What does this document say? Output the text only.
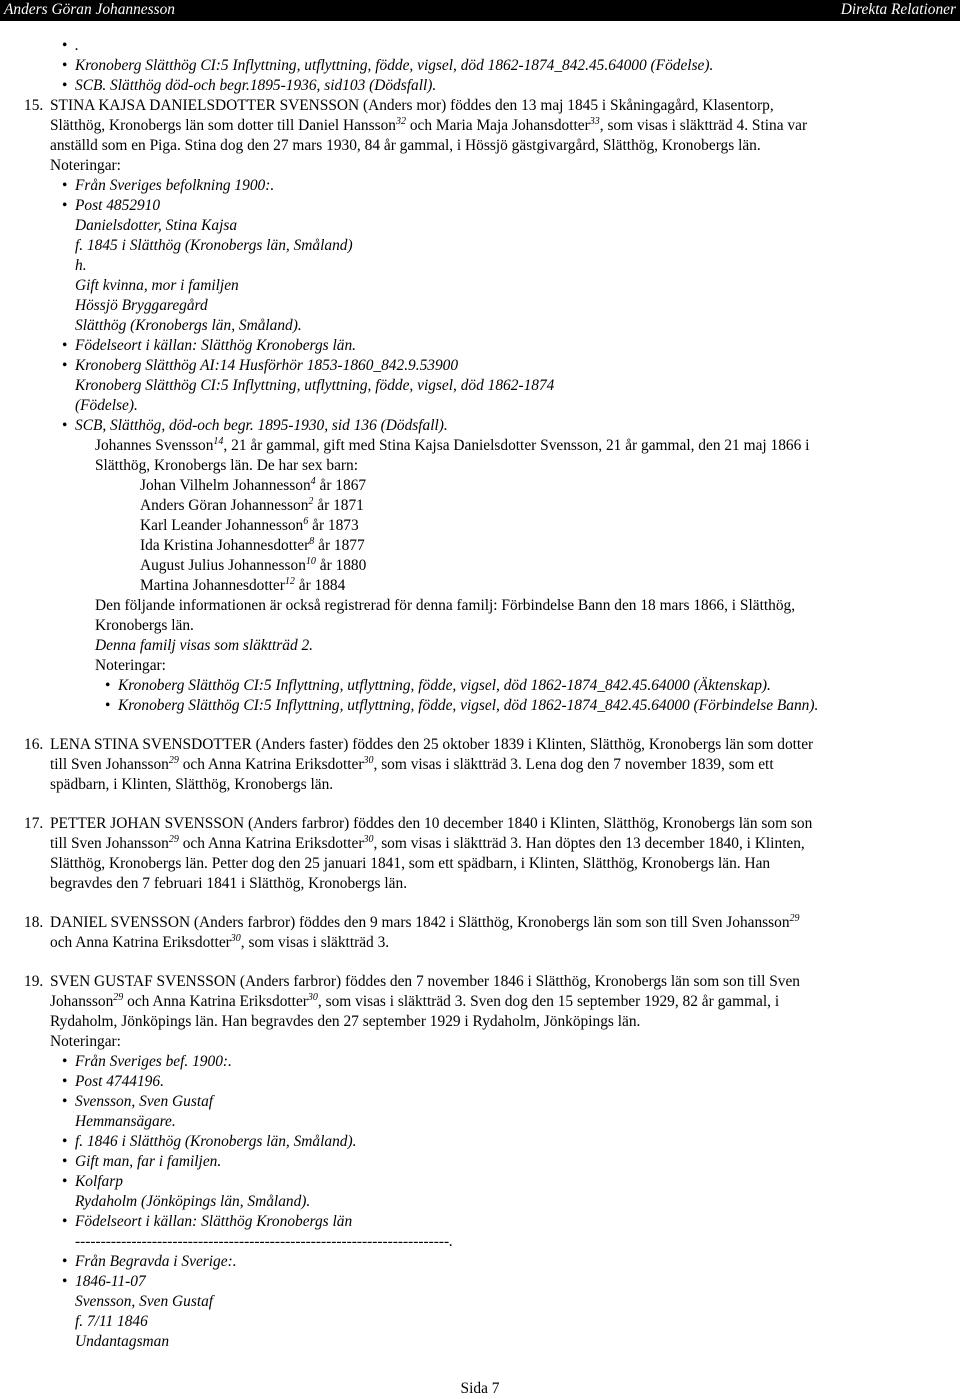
Anders Göran Johannesson	Direkta Relationer
• .
• Kronoberg Slätthög CI:5 Inflyttning, utflyttning, födde, vigsel, död 1862-1874_842.45.64000 (Födelse).
• SCB. Slätthög död-och begr.1895-1936, sid103 (Dödsfall).
15. STINA KAJSA DANIELSDOTTER SVENSSON (Anders mor) föddes den 13 maj 1845 i Skåningagård, Klasentorp,
Slätthög, Kronobergs län som dotter till Daniel Hansson$^{32}$ och Maria Maja Johansdotter$^{33}$, som visas i släktträd 4. Stina var
anställd som en Piga. Stina dog den 27 mars 1930, 84 år gammal, i Hössjö gästgivargård, Slätthög, Kronobergs län.
Noteringar:
• Från Sveriges befolkning 1900:.
• Post 4852910
Danielsdotter, Stina Kajsa
f. 1845 i Slätthög (Kronobergs län, Småland)
h.
Gift kvinna, mor i familjen
Hössjö Bryggaregård
Slätthög (Kronobergs län, Småland).
• Födelseort i källan: Slätthög Kronobergs län.
• Kronoberg Slätthög AI:14 Husförhör 1853-1860_842.9.53900
Kronoberg Slätthög CI:5 Inflyttning, utflyttning, födde, vigsel, död 1862-1874
(Födelse).
• SCB, Slätthög, död-och begr. 1895-1930, sid 136 (Dödsfall).
Johannes Svensson$^{14}$, 21 år gammal, gift med Stina Kajsa Danielsdotter Svensson, 21 år gammal, den 21 maj 1866 i
Slätthög, Kronobergs län. De har sex barn:
Johan Vilhelm Johannesson$^4$ år 1867
Anders Göran Johannesson$^2$ år 1871
Karl Leander Johannesson$^6$ år 1873
Ida Kristina Johannesdotter$^8$ år 1877
August Julius Johannesson$^{10}$ år 1880
Martina Johannesdotter$^{12}$ år 1884
Den följande informationen är också registrerad för denna familj: Förbindelse Bann den 18 mars 1866, i Slätthög,
Kronobergs län.
Denna familj visas som släktträd 2.
Noteringar:
• Kronoberg Slätthög CI:5 Inflyttning, utflyttning, födde, vigsel, död 1862-1874_842.45.64000 (Äktenskap).
• Kronoberg Slätthög CI:5 Inflyttning, utflyttning, födde, vigsel, död 1862-1874_842.45.64000 (Förbindelse Bann).
16. LENA STINA SVENSDOTTER (Anders faster) föddes den 25 oktober 1839 i Klinten, Slätthög, Kronobergs län som dotter
till Sven Johansson$^{29}$ och Anna Katrina Eriksdotter$^{30}$, som visas i släktträd 3. Lena dog den 7 november 1839, som ett
spädbarn, i Klinten, Slätthög, Kronobergs län.
17. PETTER JOHAN SVENSSON (Anders farbror) föddes den 10 december 1840 i Klinten, Slätthög, Kronobergs län som son
till Sven Johansson$^{29}$ och Anna Katrina Eriksdotter$^{30}$, som visas i släktträd 3. Han döptes den 13 december 1840, i Klinten,
Slätthög, Kronobergs län. Petter dog den 25 januari 1841, som ett spädbarn, i Klinten, Slätthög, Kronobergs län. Han
begravdes den 7 februari 1841 i Slätthög, Kronobergs län.
18. DANIEL SVENSSON (Anders farbror) föddes den 9 mars 1842 i Slätthög, Kronobergs län som son till Sven Johansson$^{29}$
och Anna Katrina Eriksdotter$^{30}$, som visas i släktträd 3.
19. SVEN GUSTAF SVENSSON (Anders farbror) föddes den 7 november 1846 i Slätthög, Kronobergs län som son till Sven
Johansson$^{29}$ och Anna Katrina Eriksdotter$^{30}$, som visas i släktträd 3. Sven dog den 15 september 1929, 82 år gammal, i
Rydaholm, Jönköpings län. Han begravdes den 27 september 1929 i Rydaholm, Jönköpings län.
Noteringar:
• Från Sveriges bef. 1900:.
• Post 4744196.
• Svensson, Sven Gustaf
Hemmansägare.
• f. 1846 i Slätthög (Kronobergs län, Småland).
• Gift man, far i familjen.
• Kolfarp
Rydaholm (Jönköpings län, Småland).
• Födelseort i källan: Slätthög Kronobergs län
-------------------------------------------------------------------------.
• Från Begravda i Sverige:.
• 1846-11-07
Svensson, Sven Gustaf
f. 7/11 1846
Undantagsman
Sida 7
